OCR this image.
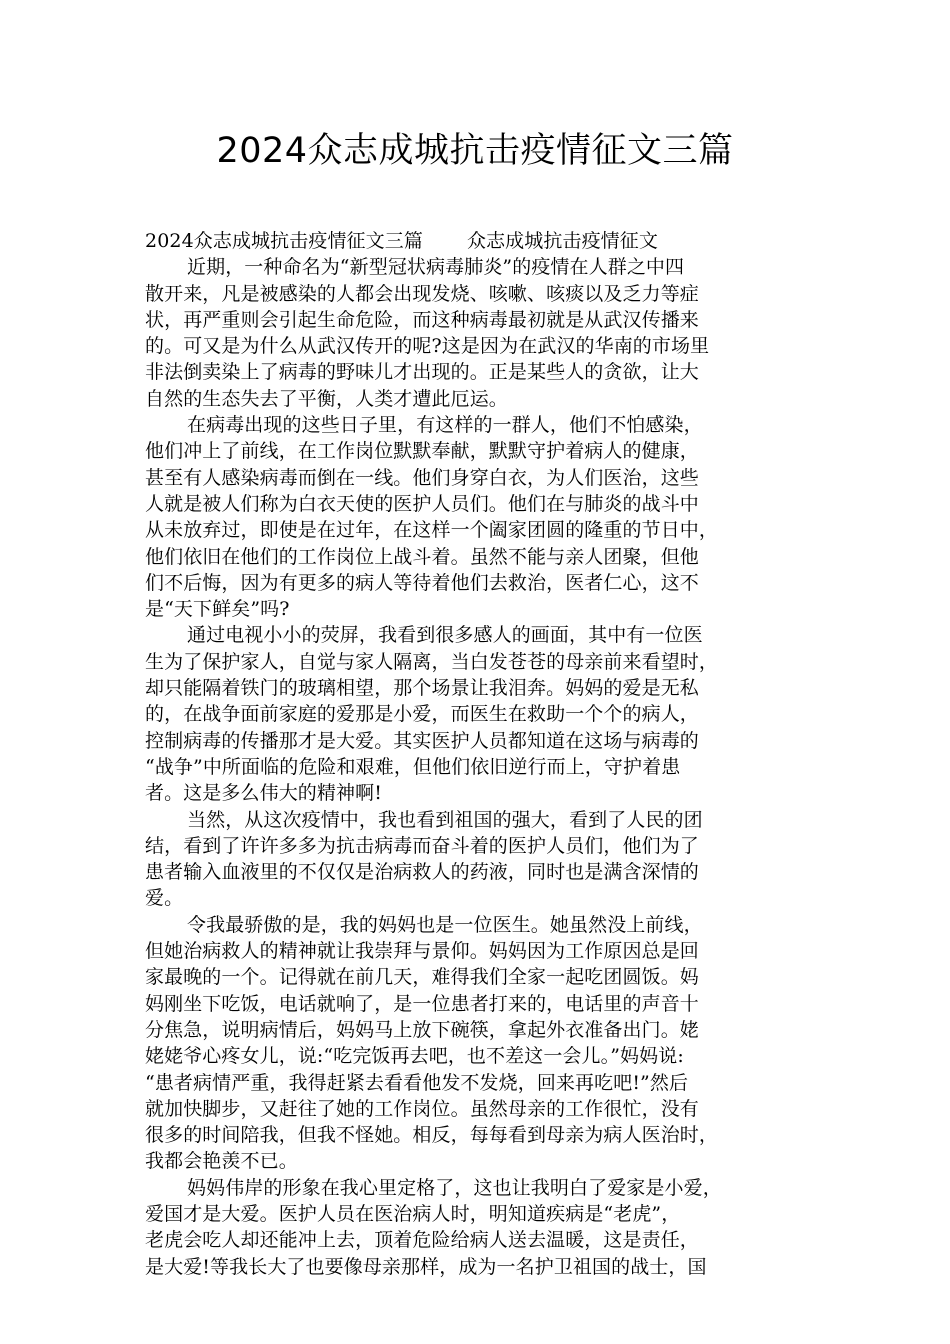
2024众志成城抗击疫情征文三篇
2024众志成城抗击疫情征文三篇 众志成城抗击疫情征文
近期，一种命名为“新型冠状病毒肺炎”的疫情在人群之中四
散开来，凡是被感染的人都会出现发烧、咳嗽、咳痰以及乏力等症
状，再严重则会引起生命危险，而这种病毒最初就是从武汉传播来
的。可又是为什么从武汉传开的呢?这是因为在武汉的华南的市场里
非法倒卖染上了病毒的野味儿才出现的。正是某些人的贪欲，让大
自然的生态失去了平衡，人类才遭此厄运。
在病毒出现的这些日子里，有这样的一群人，他们不怕感染，
他们冲上了前线，在工作岗位默默奉献，默默守护着病人的健康，
甚至有人感染病毒而倒在一线。他们身穿白衣，为人们医治，这些
人就是被人们称为白衣天使的医护人员们。他们在与肺炎的战斗中
从未放弃过，即使是在过年，在这样一个阖家团圆的隆重的节日中，
他们依旧在他们的工作岗位上战斗着。虽然不能与亲人团聚，但他
们不后悔，因为有更多的病人等待着他们去救治，医者仁心，这不
是“天下鲜矣”吗?
通过电视小小的荧屏，我看到很多感人的画面，其中有一位医
生为了保护家人，自觉与家人隔离，当白发苍苍的母亲前来看望时，
却只能隔着铁门的玻璃相望，那个场景让我泪奔。妈妈的爱是无私
的，在战争面前家庭的爱那是小爱，而医生在救助一个个的病人，
控制病毒的传播那才是大爱。其实医护人员都知道在这场与病毒的
“战争”中所面临的危险和艰难，但他们依旧逆行而上，守护着患
者。这是多么伟大的精神啊!
当然，从这次疫情中，我也看到祖国的强大，看到了人民的团
结，看到了许许多多为抗击病毒而奋斗着的医护人员们，他们为了
患者输入血液里的不仅仅是治病救人的药液，同时也是满含深情的
爱。
令我最骄傲的是，我的妈妈也是一位医生。她虽然没上前线，
但她治病救人的精神就让我崇拜与景仰。妈妈因为工作原因总是回
家最晚的一个。记得就在前几天，难得我们全家一起吃团圆饭。妈
妈刚坐下吃饭，电话就响了，是一位患者打来的，电话里的声音十
分焦急，说明病情后，妈妈马上放下碗筷，拿起外衣准备出门。姥
姥姥爷心疼女儿，说:“吃完饭再去吧，也不差这一会儿。”妈妈说:
“患者病情严重，我得赶紧去看看他发不发烧，回来再吃吧!”然后
就加快脚步，又赶往了她的工作岗位。虽然母亲的工作很忙，没有
很多的时间陪我，但我不怪她。相反，每每看到母亲为病人医治时，
我都会艳羡不已。
妈妈伟岸的形象在我心里定格了，这也让我明白了爱家是小爱，
爱国才是大爱。医护人员在医治病人时，明知道疾病是“老虎”，
老虎会吃人却还能冲上去，顶着危险给病人送去温暖，这是责任，
是大爱!等我长大了也要像母亲那样，成为一名护卫祖国的战士，国
